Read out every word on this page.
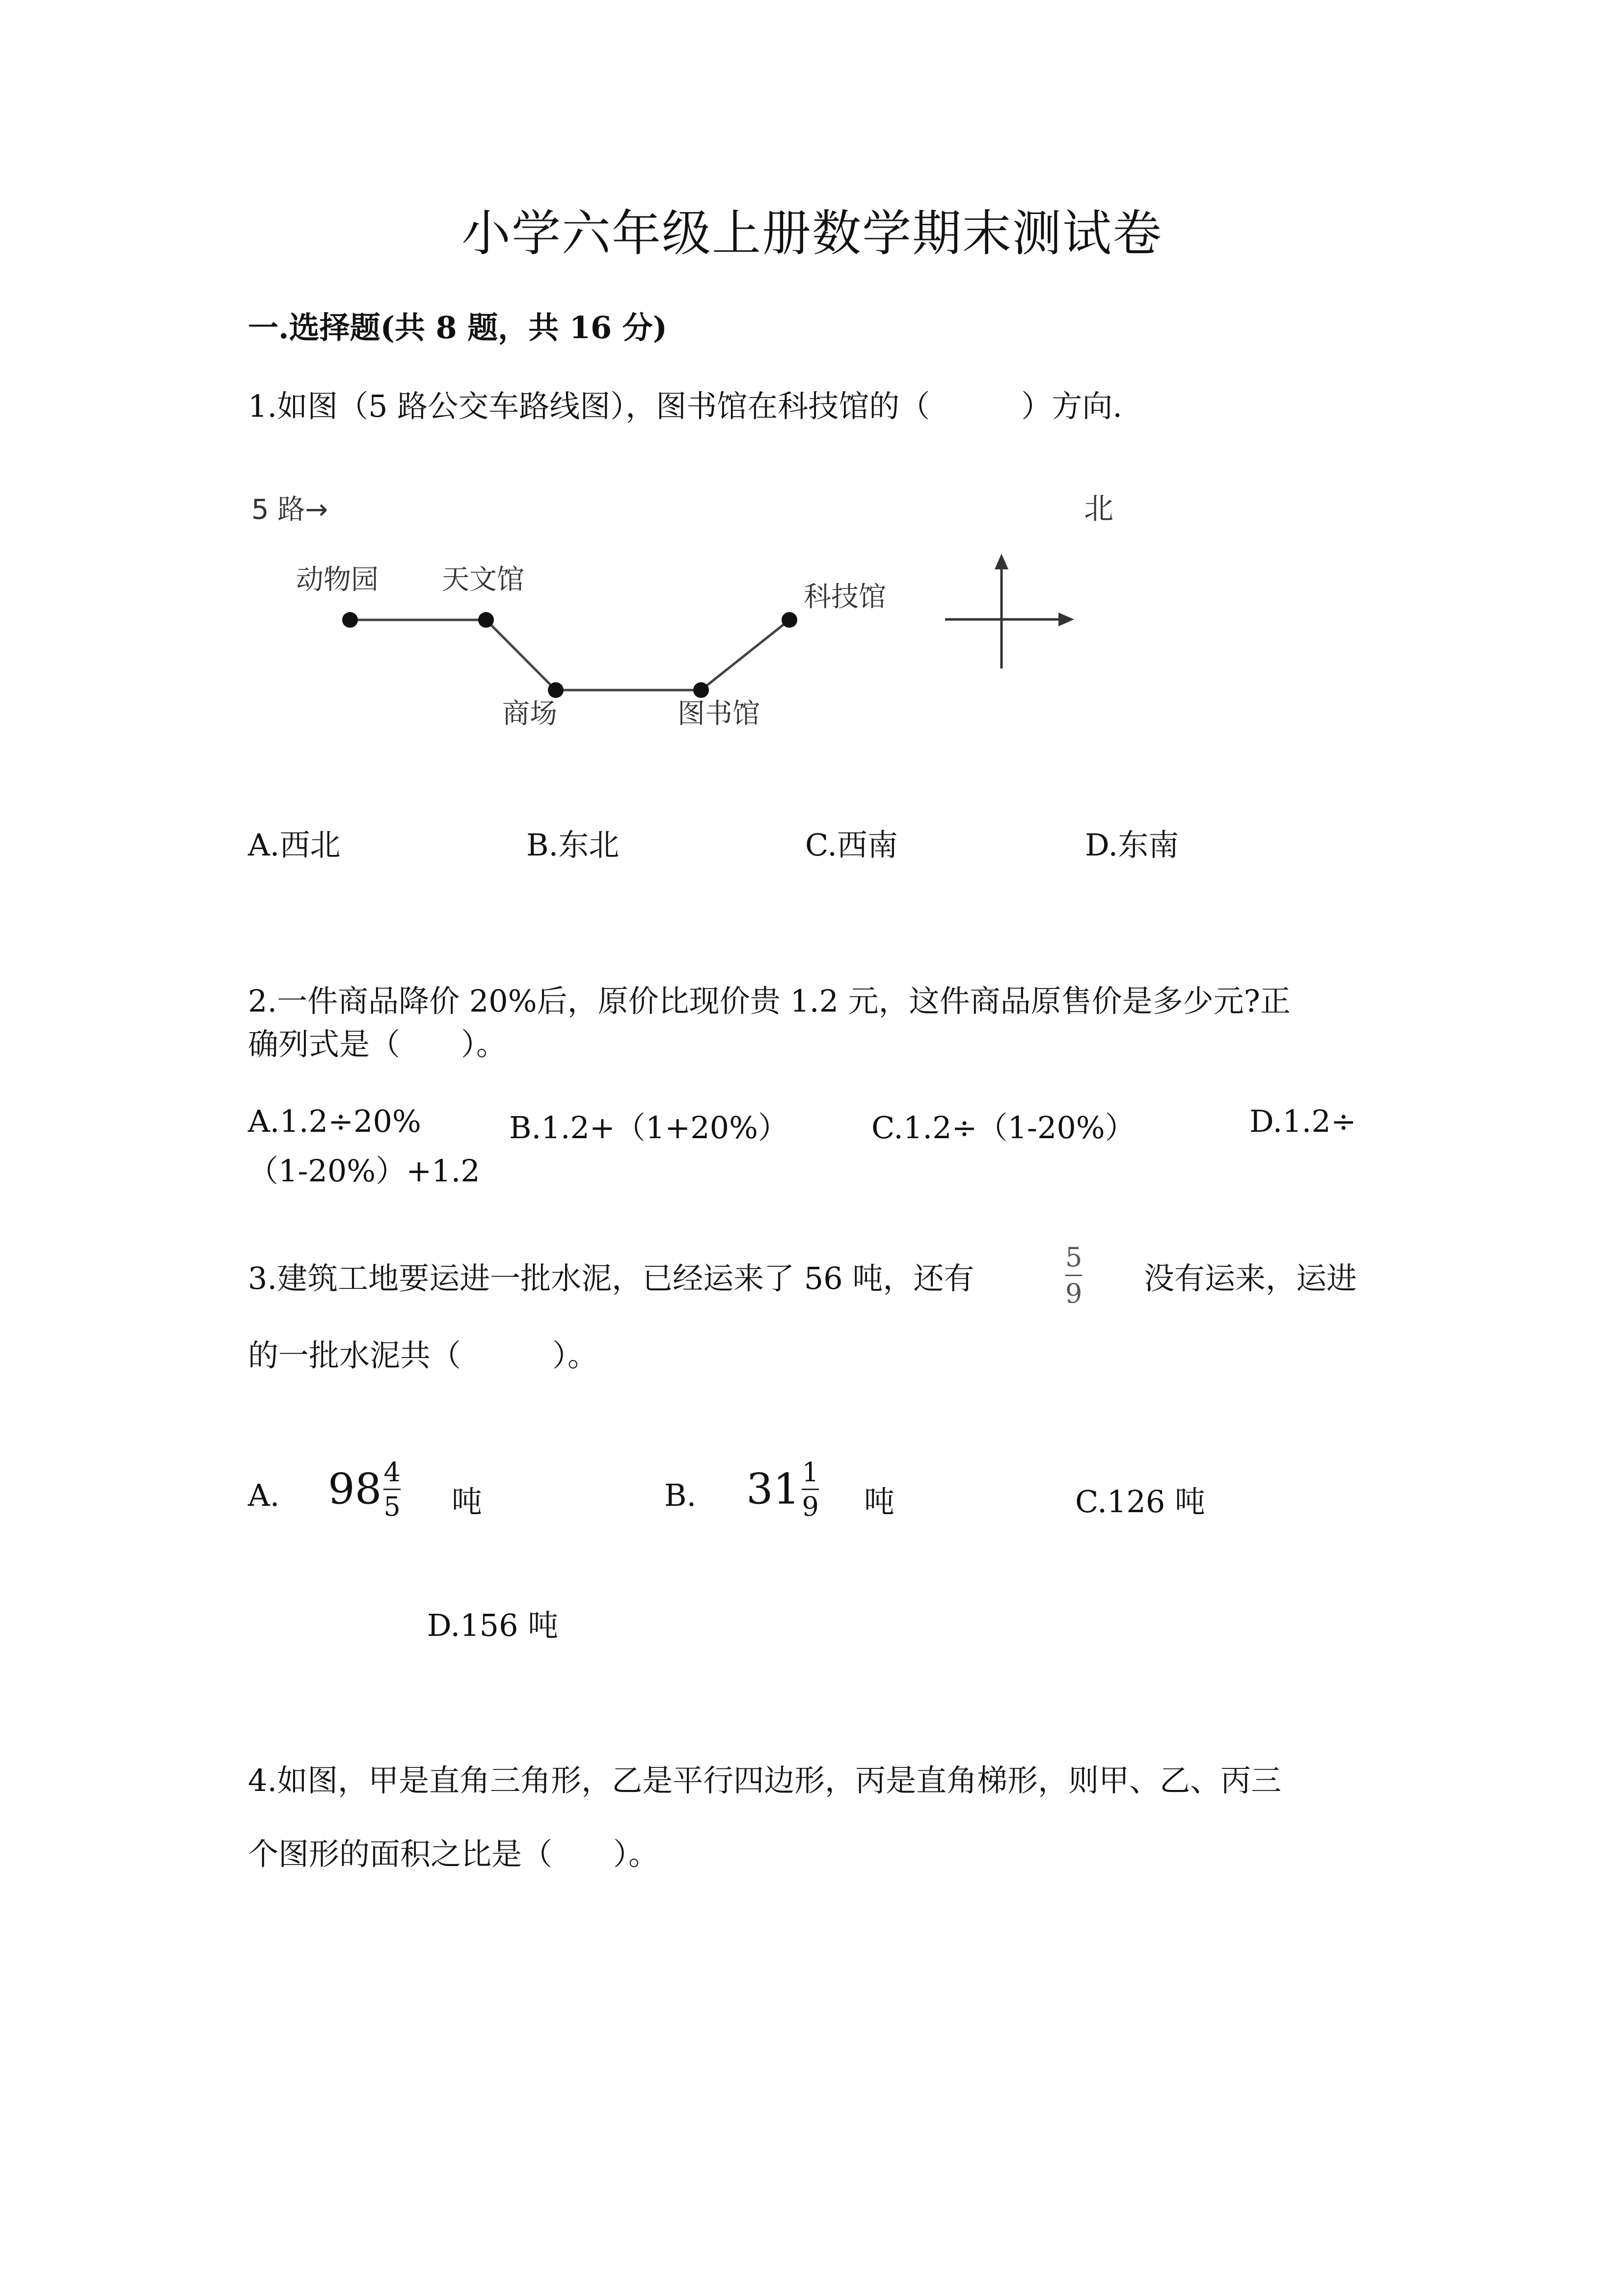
小学六年级上册数学期末测试卷
一.选择题(共 8 题，共 16 分)
1.如图（5 路公交车路线图），图书馆在科技馆的（　　　）方向.
5 路→	北
动物园 天文馆
商场	图书馆
科技馆
A.西北	B.东北	C.西南	D.东南
2.一件商品降价 20%后，原价比现价贵 1.2 元，这件商品原售价是多少元?正
确列式是（　　）。
A.1.2÷20%	B.1.2+（1+20%）	C.1.2÷（1-20%）	D.1.2÷
（1-20%）+1.2
3.建筑工地要运进一批水泥，已经运来了 56 吨，还有
5
9 没有运来，运进
的一批水泥共（　　　）。
A. $98\frac{4}{5}$ 吨	B. $31\frac{1}{9}$ 吨	C.126 吨
D.156 吨
4.如图，甲是直角三角形，乙是平行四边形，丙是直角梯形，则甲、乙、丙三
个图形的面积之比是（　　）。
